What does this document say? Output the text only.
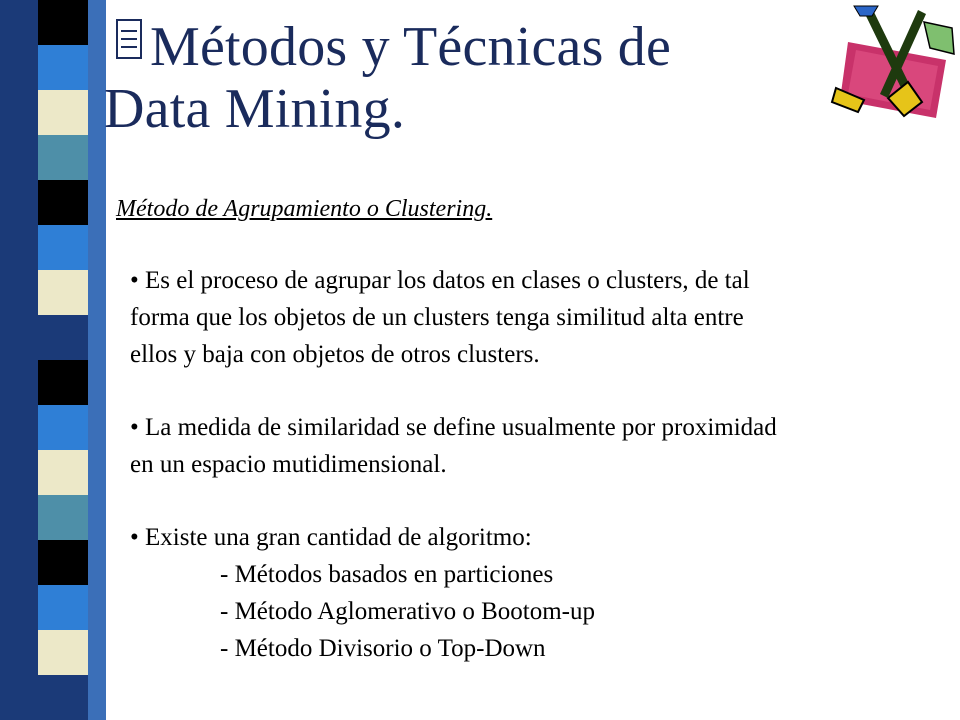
Métodos y Técnicas de
Data Mining.
Método de Agrupamiento o Clustering.
• Es el proceso de agrupar los datos en clases o clusters, de tal
forma que los objetos de un clusters tenga similitud alta entre
ellos y baja con objetos de otros clusters.
• La medida de similaridad se define usualmente por proximidad
en un espacio mutidimensional.
• Existe una gran cantidad de algoritmo:
- Métodos basados en particiones
- Método Aglomerativo o Bootom-up
- Método Divisorio o Top-Down
